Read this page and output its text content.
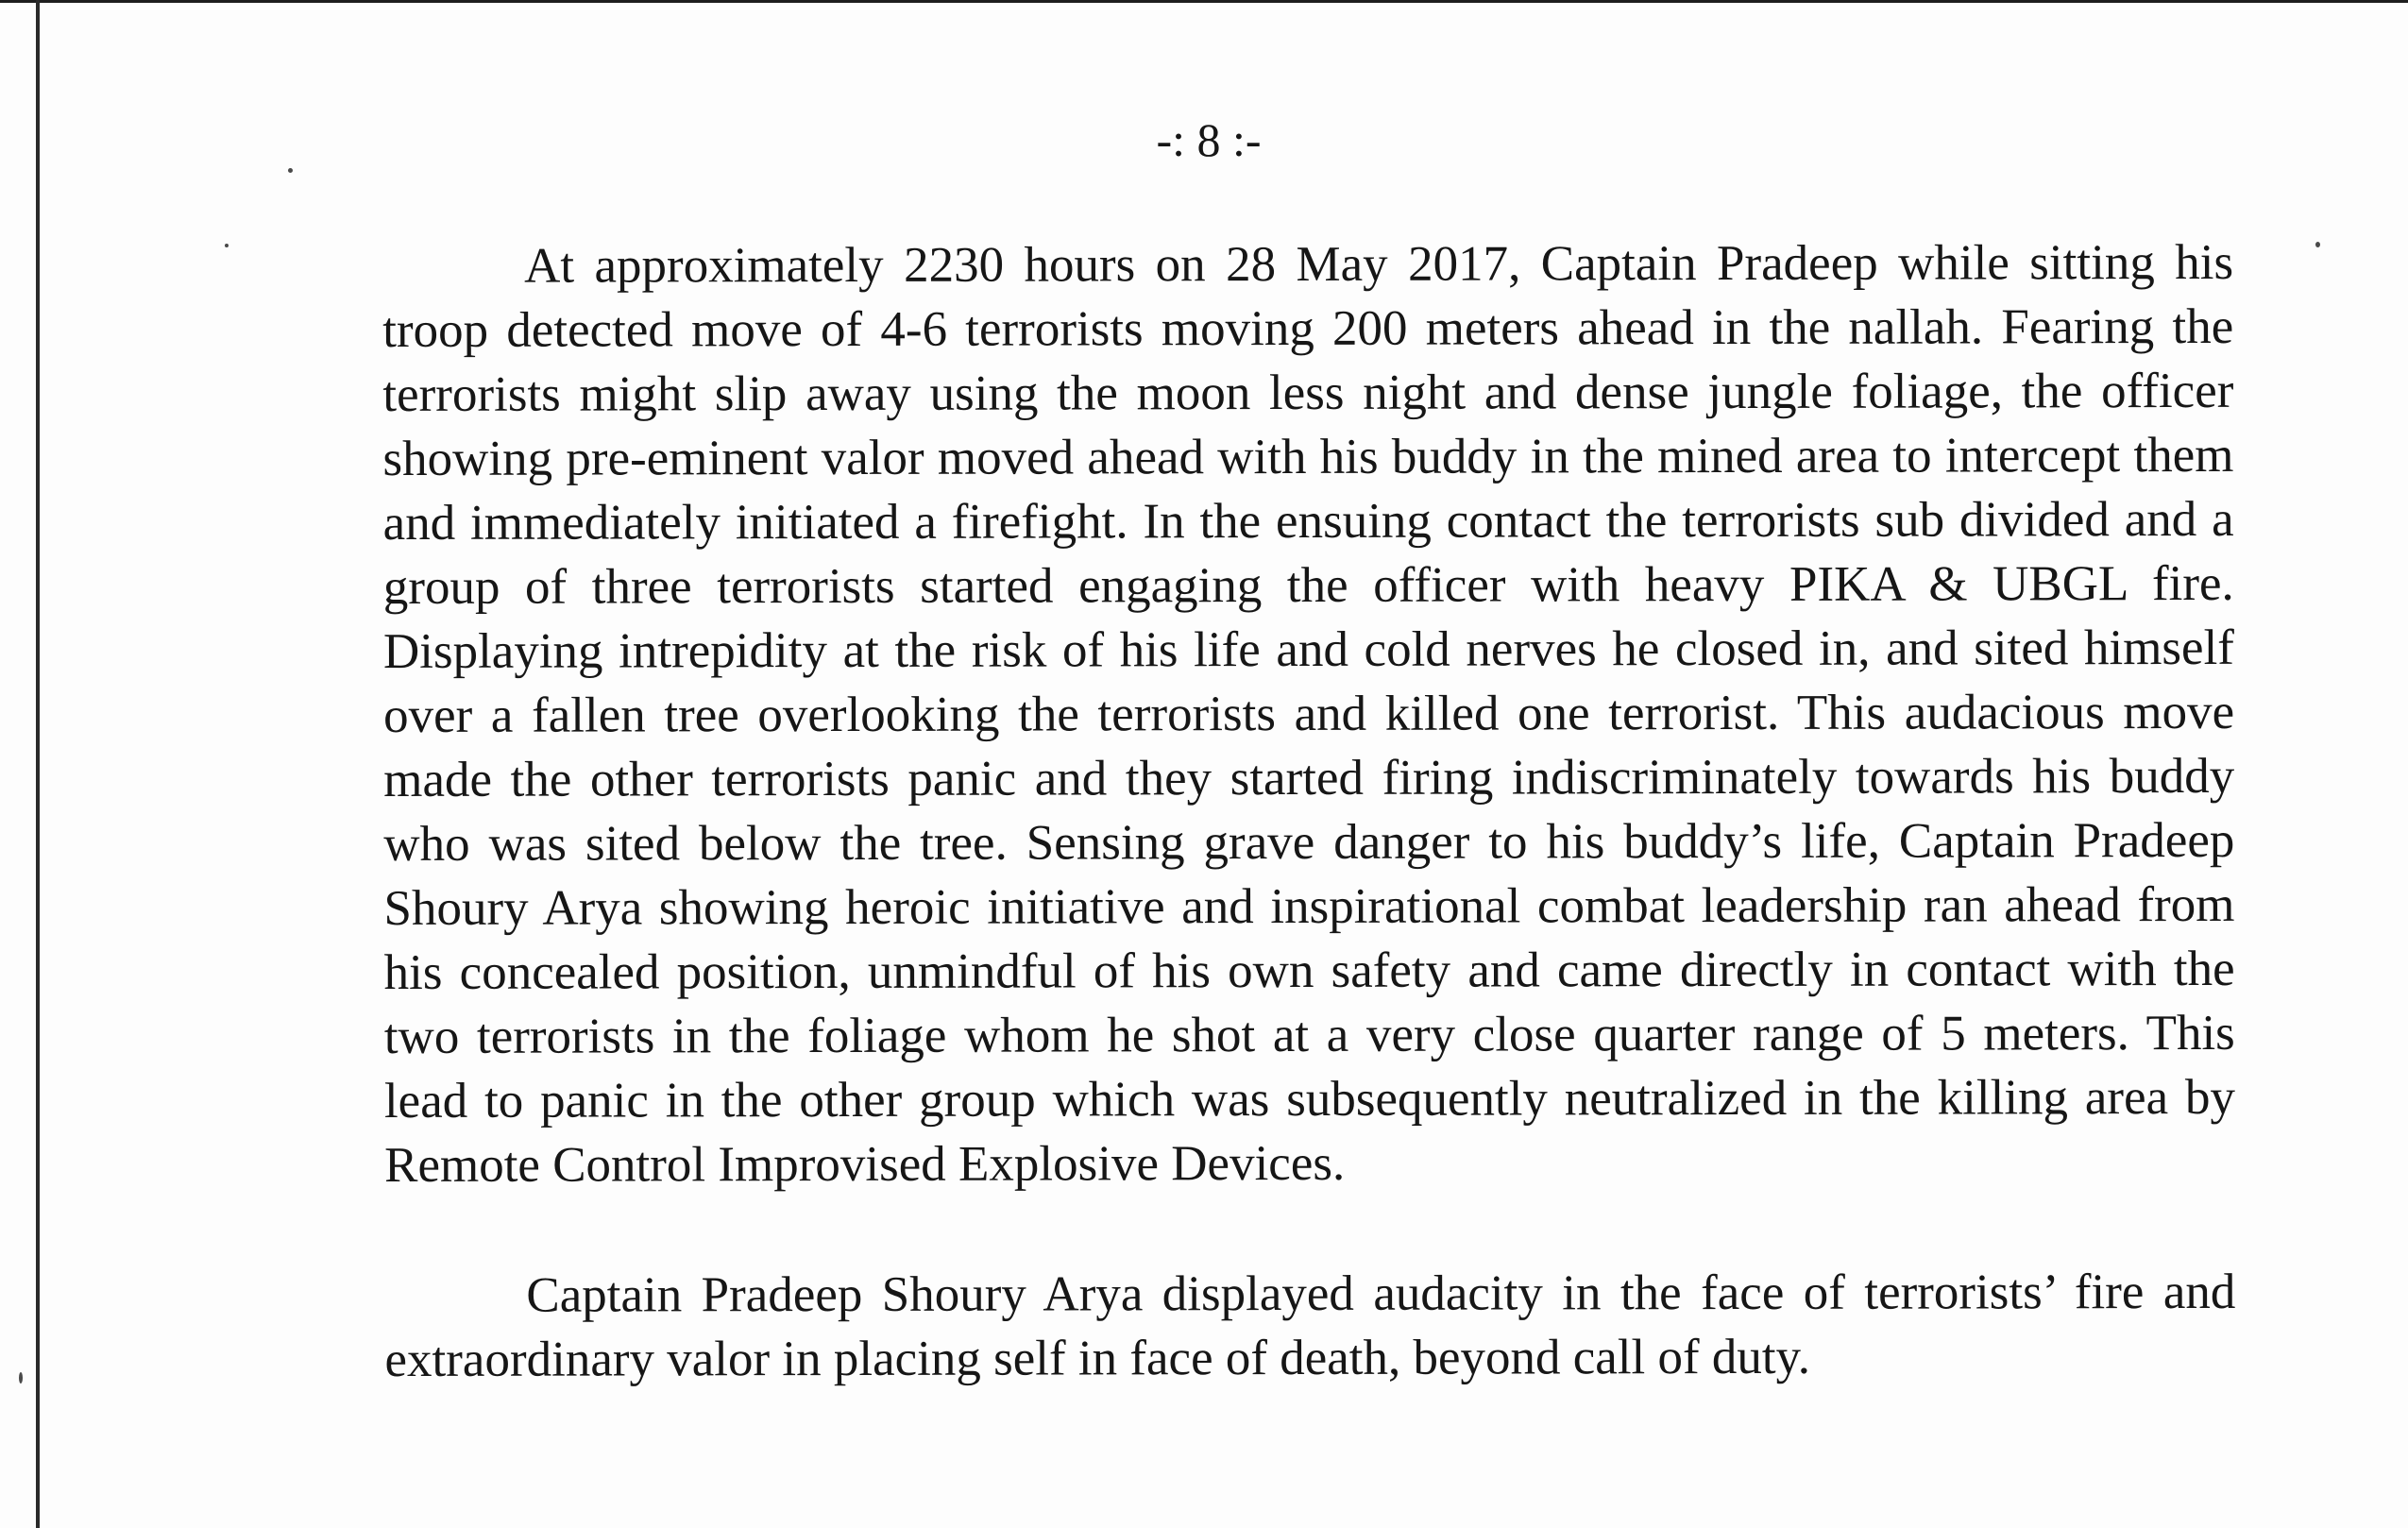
-: 8 :-

At approximately 2230 hours on 28 May 2017, Captain Pradeep while sitting his troop detected move of 4-6 terrorists moving 200 meters ahead in the nallah. Fearing the terrorists might slip away using the moon less night and dense jungle foliage, the officer showing pre-eminent valor moved ahead with his buddy in the mined area to intercept them and immediately initiated a firefight. In the ensuing contact the terrorists sub divided and a group of three terrorists started engaging the officer with heavy PIKA & UBGL fire. Displaying intrepidity at the risk of his life and cold nerves he closed in, and sited himself over a fallen tree overlooking the terrorists and killed one terrorist. This audacious move made the other terrorists panic and they started firing indiscriminately towards his buddy who was sited below the tree. Sensing grave danger to his buddy’s life, Captain Pradeep Shoury Arya showing heroic initiative and inspirational combat leadership ran ahead from his concealed position, unmindful of his own safety and came directly in contact with the two terrorists in the foliage whom he shot at a very close quarter range of 5 meters. This lead to panic in the other group which was subsequently neutralized in the killing area by Remote Control Improvised Explosive Devices.

Captain Pradeep Shoury Arya displayed audacity in the face of terrorists’ fire and extraordinary valor in placing self in face of death, beyond call of duty.
